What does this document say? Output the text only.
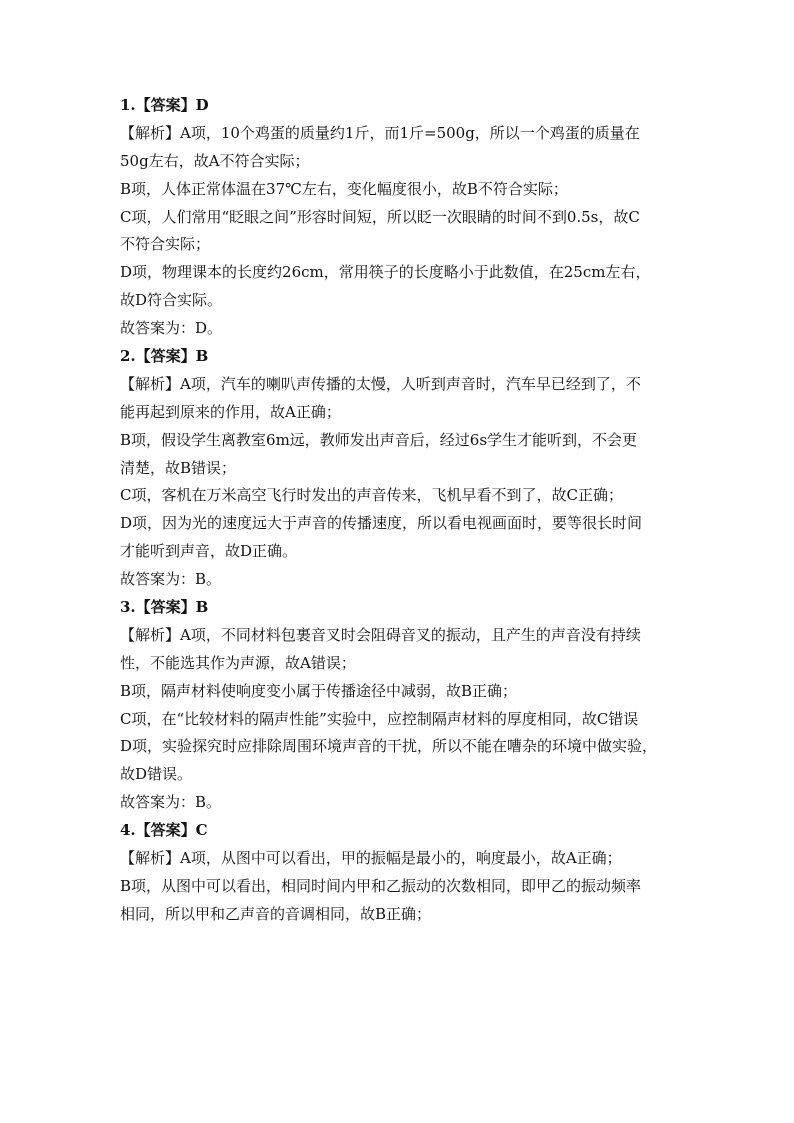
1.【答案】D
【解析】A项，10个鸡蛋的质量约1斤，而1斤=500g，所以一个鸡蛋的质量在
50g左右，故A不符合实际；
B项，人体正常体温在37℃左右，变化幅度很小，故B不符合实际；
C项，人们常用“眨眼之间”形容时间短，所以眨一次眼睛的时间不到0.5s，故C
不符合实际；
D项，物理课本的长度约26cm，常用筷子的长度略小于此数值，在25cm左右，
故D符合实际。
故答案为：D。
2.【答案】B
【解析】A项，汽车的喇叭声传播的太慢，人听到声音时，汽车早已经到了，不
能再起到原来的作用，故A正确；
B项，假设学生离教室6m远，教师发出声音后，经过6s学生才能听到，不会更
清楚，故B错误；
C项，客机在万米高空飞行时发出的声音传来，飞机早看不到了，故C正确；
D项，因为光的速度远大于声音的传播速度，所以看电视画面时，要等很长时间
才能听到声音，故D正确。
故答案为：B。
3.【答案】B
【解析】A项，不同材料包裹音叉时会阻碍音叉的振动，且产生的声音没有持续
性，不能选其作为声源，故A错误；
B项，隔声材料使响度变小属于传播途径中减弱，故B正确；
C项，在“比较材料的隔声性能”实验中，应控制隔声材料的厚度相同，故C错误
D项，实验探究时应排除周围环境声音的干扰，所以不能在嘈杂的环境中做实验，
故D错误。
故答案为：B。
4.【答案】C
【解析】A项，从图中可以看出，甲的振幅是最小的，响度最小，故A正确；
B项，从图中可以看出，相同时间内甲和乙振动的次数相同，即甲乙的振动频率
相同，所以甲和乙声音的音调相同，故B正确；
